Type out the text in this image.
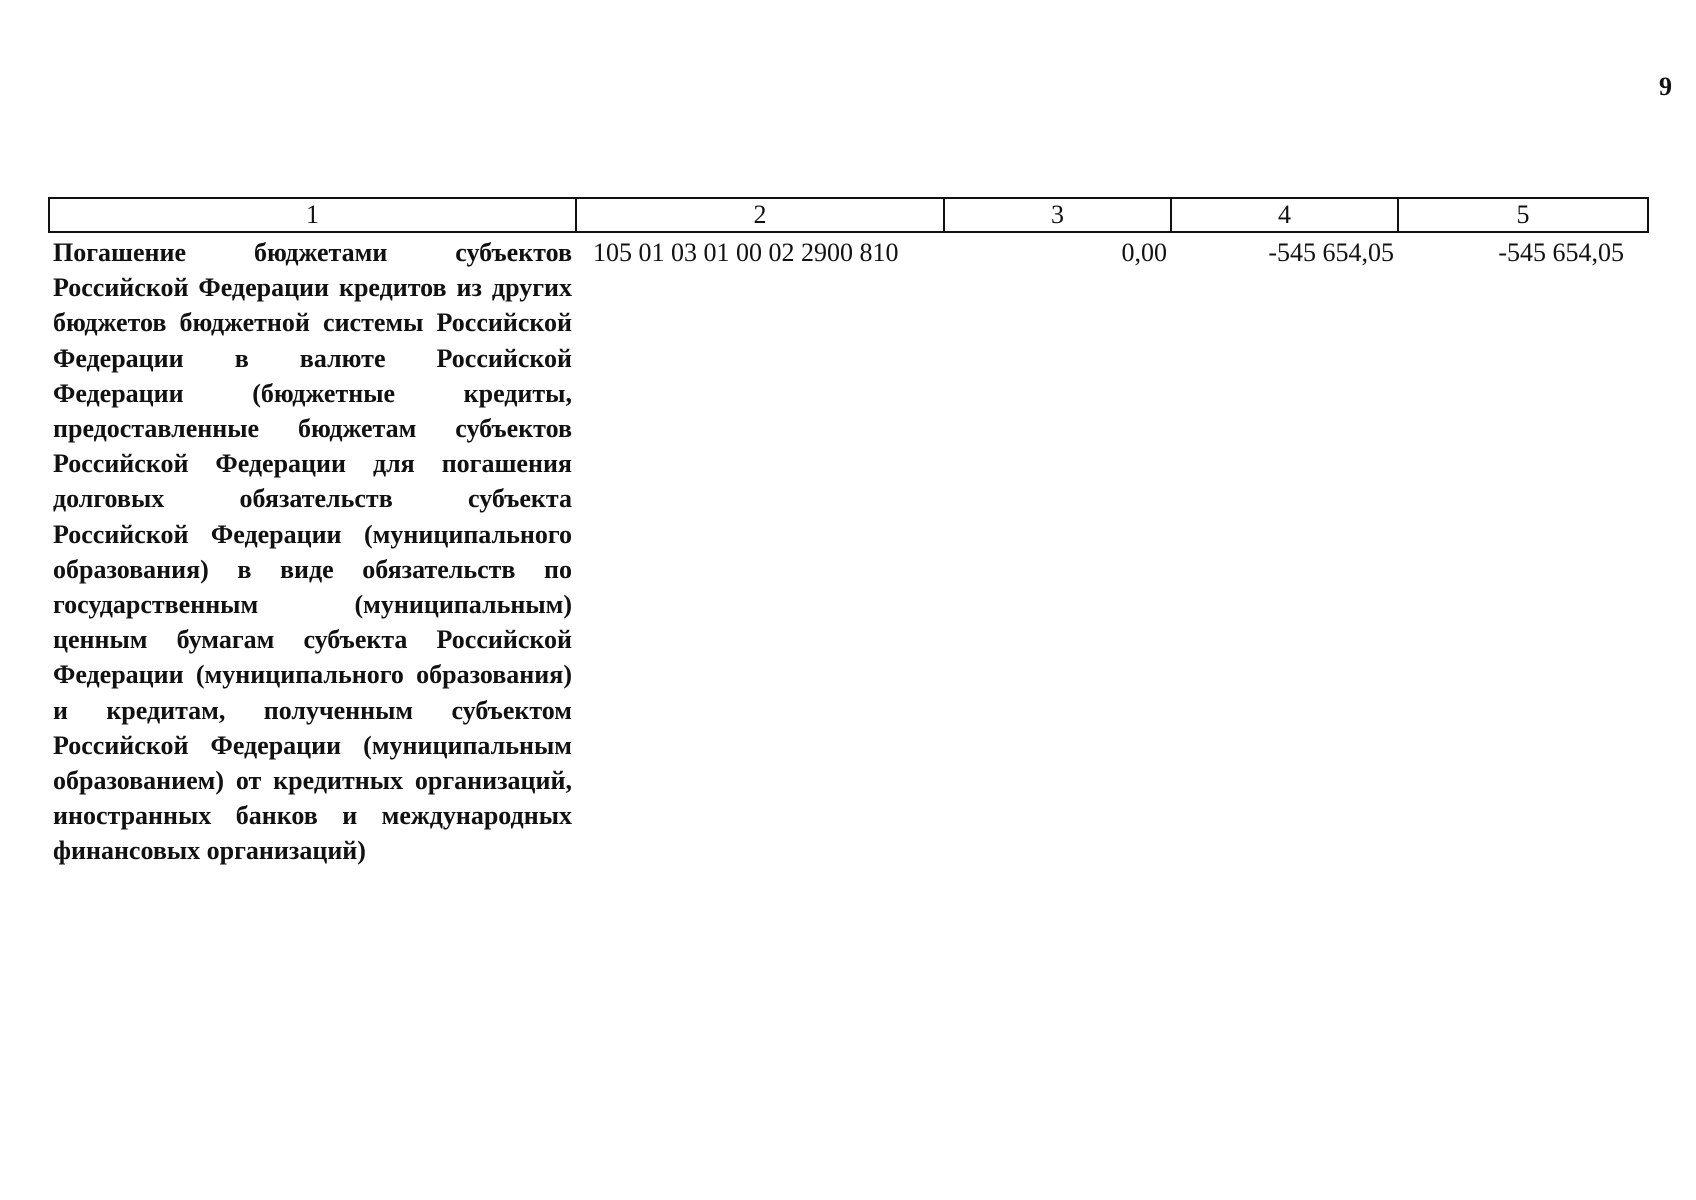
9
1	2	3	4	5
Погашение бюджетами субъектов Российской Федерации кредитов из других бюджетов бюджетной системы Российской Федерации в валюте Российской Федерации (бюджетные кредиты, предоставленные бюджетам субъектов Российской Федерации для погашения долговых обязательств субъекта Российской Федерации (муниципального образования) в виде обязательств по государственным (муниципальным) ценным бумагам субъекта Российской Федерации (муниципального образования) и кредитам, полученным субъектом Российской Федерации (муниципальным образованием) от кредитных организаций, иностранных банков и международных финансовых организаций)	105 01 03 01 00 02 2900 810	0,00	-545 654,05	-545 654,05
